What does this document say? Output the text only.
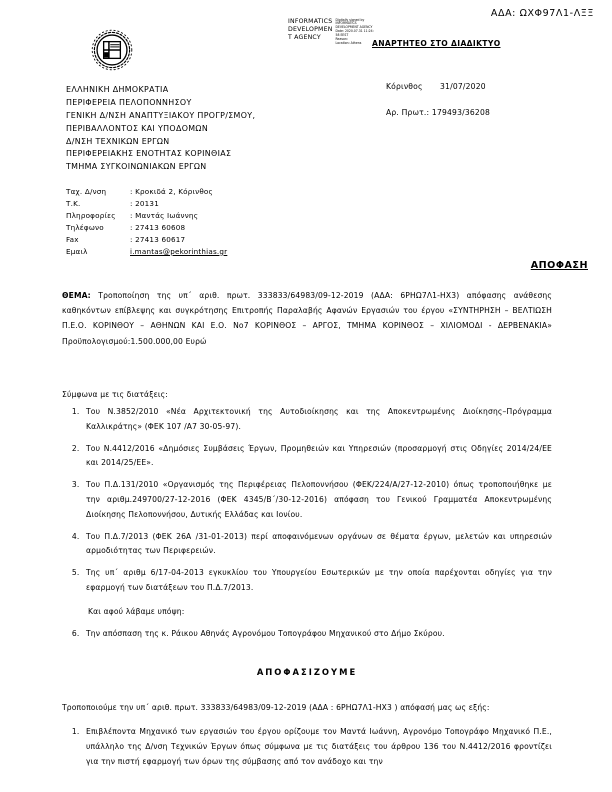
ΑΔΑ: ΩΧΦ97Λ1-ΛΞΞ
INFORMATICS
DEVELOPMEN
T AGENCY
Digitally signed by
INFORMATICS
DEVELOPMENT AGENCY
Date: 2020.07.31 11:24:
58 EEST
Reason:
Location: Athens	ΑΝΑΡΤΗΤΕΟ ΣΤΟ ΔΙΑΔΙΚΤΥΟ
ΕΛΛΗΝΙΚΗ ΔΗΜΟΚΡΑΤΙΑ
ΠΕΡΙΦΕΡΕΙΑ ΠΕΛΟΠΟΝΝΗΣΟΥ
ΓΕΝΙΚΗ Δ/ΝΣΗ ΑΝΑΠΤΥΞΙΑΚΟΥ ΠΡΟΓΡ/ΣΜΟΥ,
ΠΕΡΙΒΑΛΛΟΝΤΟΣ ΚΑΙ ΥΠΟΔΟΜΩΝ
Δ/ΝΣΗ ΤΕΧΝΙΚΩΝ ΕΡΓΩΝ
ΠΕΡΙΦΕΡΕΙΑΚΗΣ ΕΝΟΤΗΤΑΣ ΚΟΡΙΝΘΙΑΣ
ΤΜΗΜΑ ΣΥΓΚΟΙΝΩΝΙΑΚΩΝ ΕΡΓΩΝ
Ταχ. Δ/νση	: Κροκιδά 2, Κόρινθος
Τ.Κ.	: 20131
Πληροφορίες	: Μαντάς Ιωάννης
Τηλέφωνο	: 27413 60608
Fax	: 27413 60617
Εμαιλ	i.mantas@pekorinthias.gr
Κόρινθος 31/07/2020
Αρ. Πρωτ.: 179493/36208
ΑΠΟΦΑΣΗ
ΘΕΜΑ: Τροποποίηση της υπ΄ αριθ. πρωτ. 333833/64983/09-12-2019 (ΑΔΑ: 6ΡΗΩ7Λ1-ΗΧ3) απόφασης ανάθεσης καθηκόντων επίβλεψης και συγκρότησης Επιτροπής Παραλαβής Αφανών Εργασιών του έργου «ΣΥΝΤΗΡΗΣΗ – ΒΕΛΤΙΩΣΗ Π.Ε.Ο. ΚΟΡΙΝΘΟΥ – ΑΘΗΝΩΝ ΚΑΙ Ε.Ο. Νο7 ΚΟΡΙΝΘΟΣ – ΑΡΓΟΣ, ΤΜΗΜΑ ΚΟΡΙΝΘΟΣ – ΧΙΛΙΟΜΟΔΙ - ΔΕΡΒΕΝΑΚΙΑ» Προϋπολογισμού:1.500.000,00 Ευρώ
Σύμφωνα με τις διατάξεις:
1. Του Ν.3852/2010 «Νέα Αρχιτεκτονική της Αυτοδιοίκησης και της Αποκεντρωμένης Διοίκησης–Πρόγραμμα Καλλικράτης» (ΦΕΚ 107 /Α7 30-05-97).
2. Του Ν.4412/2016 «Δημόσιες Συμβάσεις Έργων, Προμηθειών και Υπηρεσιών (προσαρμογή στις Οδηγίες 2014/24/ΕΕ και 2014/25/ΕΕ».
3. Του Π.Δ.131/2010 «Οργανισμός της Περιφέρειας Πελοποννήσου (ΦΕΚ/224/Α/27-12-2010) όπως τροποποιήθηκε με την αριθμ.249700/27-12-2016 (ΦΕΚ 4345/Β΄/30-12-2016) απόφαση του Γενικού Γραμματέα Αποκεντρωμένης Διοίκησης Πελοποννήσου, Δυτικής Ελλάδας και Ιονίου.
4. Του Π.Δ.7/2013 (ΦΕΚ 26Α /31-01-2013) περί αποφαινόμενων οργάνων σε θέματα έργων, μελετών και υπηρεσιών αρμοδιότητας των Περιφερειών.
5. Της υπ΄ αριθμ 6/17-04-2013 εγκυκλίου του Υπουργείου Εσωτερικών με την οποία παρέχονται οδηγίες για την εφαρμογή των διατάξεων του Π.Δ.7/2013.
Και αφού λάβαμε υπόψη:
6. Την απόσπαση της κ. Ράικου Αθηνάς Αγρονόμου Τοπογράφου Μηχανικού στο Δήμο Σκύρου.
ΑΠΟΦΑΣΙΖΟΥΜΕ
Τροποποιούμε την υπ΄ αριθ. πρωτ. 333833/64983/09-12-2019 (ΑΔΑ : 6ΡΗΩ7Λ1-ΗΧ3 ) απόφασή μας ως εξής:
1. Επιβλέποντα Μηχανικό των εργασιών του έργου ορίζουμε τον Μαντά Ιωάννη, Αγρονόμο Τοπογράφο Μηχανικό Π.Ε., υπάλληλο της Δ/νση Τεχνικών Έργων όπως σύμφωνα με τις διατάξεις του άρθρου 136 του Ν.4412/2016 φροντίζει για την πιστή εφαρμογή των όρων της σύμβασης από τον ανάδοχο και την
